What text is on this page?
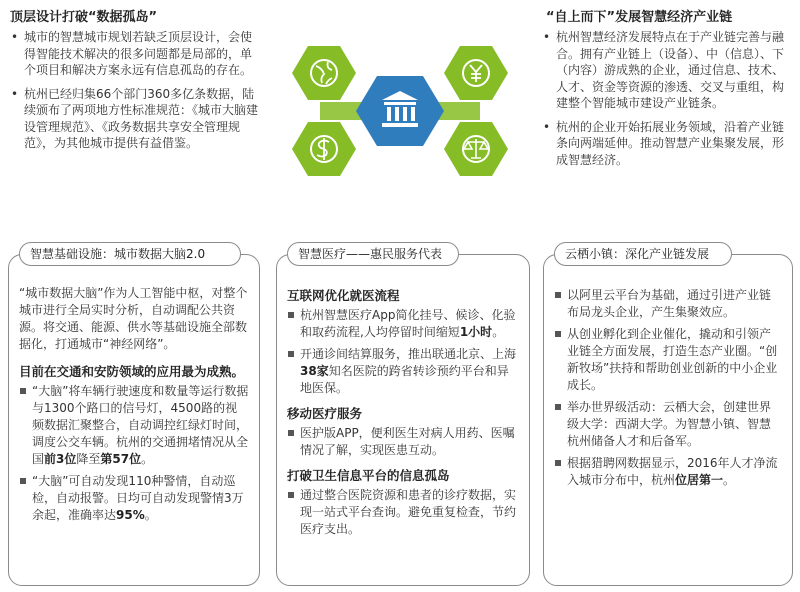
顶层设计打破“数据孤岛”
• 城市的智慧城市规划若缺乏顶层设计，会使得智能技术解决的很多问题都是局部的，单个项目和解决方案永远有信息孤岛的存在。
• 杭州已经归集66个部门360多亿条数据，陆续颁布了两项地方性标准规范：《城市大脑建设管理规范》、《政务数据共享安全管理规范》，为其他城市提供有益借鉴。
“自上而下”发展智慧经济产业链
• 杭州智慧经济发展特点在于产业链完善与融合。拥有产业链上（设备）、中（信息）、下（内容）游成熟的企业，通过信息、技术、人才、资金等资源的渗透、交叉与重组，构建整个智能城市建设产业链条。
• 杭州的企业开始拓展业务领域，沿着产业链条向两端延伸。推动智慧产业集聚发展，形成智慧经济。
智慧基础设施：城市数据大脑2.0

“城市数据大脑”作为人工智能中枢，对整个城市进行全局实时分析，自动调配公共资源。将交通、能源、供水等基础设施全部数据化，打通城市“神经网络”。

目前在交通和安防领域的应用最为成熟。
“大脑”将车辆行驶速度和数量等运行数据与1300个路口的信号灯，4500路的视频数据汇聚整合，自动调控红绿灯时间，调度公交车辆。杭州的交通拥堵情况从全国前3位降至第57位。
“大脑”可自动发现110种警情，自动巡检，自动报警。日均可自动发现警情3万余起，准确率达95%。
智慧医疗——惠民服务代表
互联网优化就医流程
杭州智慧医疗App简化挂号、候诊、化验和取药流程,人均停留时间缩短1小时。
开通诊间结算服务，推出联通北京、上海38家知名医院的跨省转诊预约平台和异地医保。
移动医疗服务
医护版APP，便利医生对病人用药、医嘱情况了解，实现医患互动。
打破卫生信息平台的信息孤岛
通过整合医院资源和患者的诊疗数据，实现一站式平台查询。避免重复检查，节约医疗支出。
云栖小镇：深化产业链发展
以阿里云平台为基础，通过引进产业链布局龙头企业，产生集聚效应。
从创业孵化到企业催化，撬动和引领产业链全方面发展，打造生态产业圈。“创新牧场”扶持和帮助创业创新的中小企业成长。
举办世界级活动：云栖大会，创建世界级大学：西湖大学。为智慧小镇、智慧杭州储备人才和后备军。
根据猎聘网数据显示，2016年人才净流入城市分布中，杭州位居第一。
